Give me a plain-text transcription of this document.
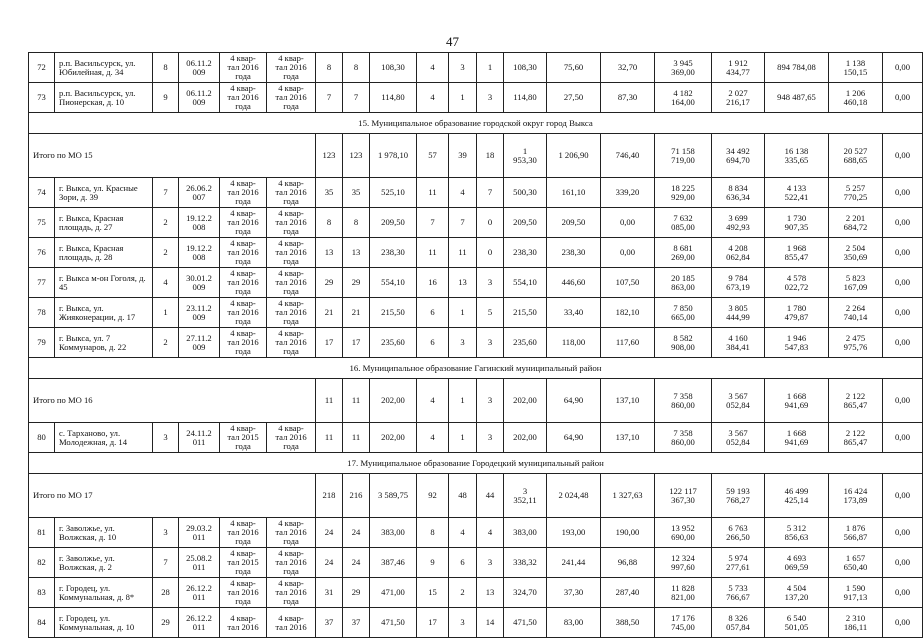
47
72	р.п. Васильсурск, ул. Юбилейная, д. 34	8	06.11.2
009	4 квар-
тал 2016
года	4 квар-
тал 2016
года	8	8	108,30	4	3	1	108,30	75,60	32,70	3 945
369,00	1 912
434,77	894 784,08	1 138
150,15	0,00
73	р.п. Васильсурск, ул. Пионерская, д. 10	9	06.11.2
009	4 квар-
тал 2016
года	4 квар-
тал 2016
года	7	7	114,80	4	1	3	114,80	27,50	87,30	4 182
164,00	2 027
216,17	948 487,65	1 206
460,18	0,00
15. Муниципальное образование городской округ город Выкса																			
Итого по МО 15						123	123	1 978,10	57	39	18	1
953,30	1 206,90	746,40	71 158
719,00	34 492
694,70	16 138
335,65	20 527
688,65	0,00
74	г. Выкса, ул. Красные Зори, д. 39	7	26.06.2
007	4 квар-
тал 2016
года	4 квар-
тал 2016
года	35	35	525,10	11	4	7	500,30	161,10	339,20	18 225
929,00	8 834
636,34	4 133
522,41	5 257
770,25	0,00
75	г. Выкса, Красная площадь, д. 27	2	19.12.2
008	4 квар-
тал 2016
года	4 квар-
тал 2016
года	8	8	209,50	7	7	0	209,50	209,50	0,00	7 632
085,00	3 699
492,93	1 730
907,35	2 201
684,72	0,00
76	г. Выкса, Красная площадь, д. 28	2	19.12.2
008	4 квар-
тал 2016
года	4 квар-
тал 2016
года	13	13	238,30	11	11	0	238,30	238,30	0,00	8 681
269,00	4 208
062,84	1 968
855,47	2 504
350,69	0,00
77	г. Выкса м-он Гоголя, д. 45	4	30.01.2
009	4 квар-
тал 2016
года	4 квар-
тал 2016
года	29	29	554,10	16	13	3	554,10	446,60	107,50	20 185
863,00	9 784
673,19	4 578
022,72	5 823
167,09	0,00
78	г. Выкса, ул. Жияконерации, д. 17	1	23.11.2
009	4 квар-
тал 2016
года	4 квар-
тал 2016
года	21	21	215,50	6	1	5	215,50	33,40	182,10	7 850
665,00	3 805
444,99	1 780
479,87	2 264
740,14	0,00
79	г. Выкса, ул. 7 Коммунаров, д. 22	2	27.11.2
009	4 квар-
тал 2016
года	4 квар-
тал 2016
года	17	17	235,60	6	3	3	235,60	118,00	117,60	8 582
908,00	4 160
384,41	1 946
547,83	2 475
975,76	0,00
16. Муниципальное образование Гагинский муниципальный район																			
Итого по МО 16						11	11	202,00	4	1	3	202,00	64,90	137,10	7 358
860,00	3 567
052,84	1 668
941,69	2 122
865,47	0,00
80	с. Тарханово, ул. Молодежная, д. 14	3	24.11.2
011	4 квар-
тал 2015
года	4 квар-
тал 2016
года	11	11	202,00	4	1	3	202,00	64,90	137,10	7 358
860,00	3 567
052,84	1 668
941,69	2 122
865,47	0,00
17. Муниципальное образование Городецкий муниципальный район																			
Итого по МО 17						218	216	3 589,75	92	48	44	3
352,11	2 024,48	1 327,63	122 117
367,30	59 193
768,27	46 499
425,14	16 424
173,89	0,00
81	г. Заволжье, ул. Волжская, д. 10	3	29.03.2
011	4 квар-
тал 2016
года	4 квар-
тал 2016
года	24	24	383,00	8	4	4	383,00	193,00	190,00	13 952
690,00	6 763
266,50	5 312
856,63	1 876
566,87	0,00
82	г. Заволжье, ул. Волжская, д. 2	7	25.08.2
011	4 квар-
тал 2015
года	4 квар-
тал 2016
года	24	24	387,46	9	6	3	338,32	241,44	96,88	12 324
997,60	5 974
277,61	4 693
069,59	1 657
650,40	0,00
83	г. Городец, ул. Коммунальная, д. 8*	28	26.12.2
011	4 квар-
тал 2016
года	4 квар-
тал 2016
года	31	29	471,00	15	2	13	324,70	37,30	287,40	11 828
821,00	5 733
766,67	4 504
137,20	1 590
917,13	0,00
84	г. Городец, ул. Коммунальная, д. 10	29	26.12.2
011	4 квар-
тал 2016	4 квар-
тал 2016	37	37	471,50	17	3	14	471,50	83,00	388,50	17 176
745,00	8 326
057,84	6 540
501,05	2 310
186,11	0,00
